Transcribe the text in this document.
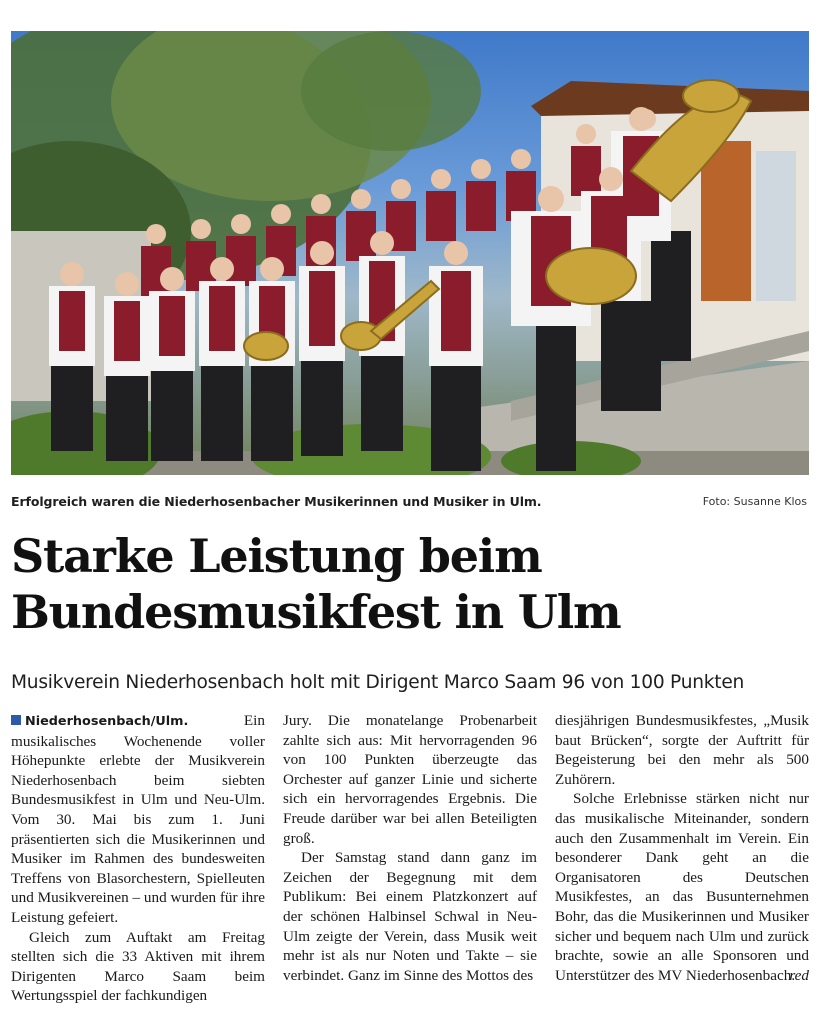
Erfolgreich waren die Niederhosenbacher Musikerinnen und Musiker in Ulm.	Foto: Susanne Klos
Starke Leistung beim
Bundesmusikfest in Ulm

Musikverein Niederhosenbach holt mit Dirigent Marco Saam 96 von 100 Punkten

Niederhosenbach/Ulm.	Ein musikalisches Wochenende voller Höhepunkte erlebte der Musikverein Niederhosenbach beim siebten Bundesmusikfest in Ulm und Neu-Ulm. Vom 30. Mai bis zum 1. Juni präsentierten sich die Musikerinnen und Musiker im Rahmen des bundesweiten Treffens von Blasorchestern, Spielleuten und Musikvereinen – und wurden für ihre Leistung gefeiert.

Gleich zum Auftakt am Freitag stellten sich die 33 Aktiven mit ihrem Dirigenten Marco Saam beim Wertungsspiel der fachkundigen

Jury. Die monatelange Probenarbeit zahlte sich aus: Mit hervorragenden 96 von 100 Punkten überzeugte das Orchester auf ganzer Linie und sicherte sich ein hervorragendes Ergebnis. Die Freude darüber war bei allen Beteiligten groß.

Der Samstag stand dann ganz im Zeichen der Begegnung mit dem Publikum: Bei einem Platzkonzert auf der schönen Halbinsel Schwal in Neu-Ulm zeigte der Verein, dass Musik weit mehr ist als nur Noten und Takte – sie verbindet. Ganz im Sinne des Mottos des

diesjährigen Bundesmusikfestes, „Musik baut Brücken“, sorgte der Auftritt für Begeisterung bei den mehr als 500 Zuhörern.

Solche Erlebnisse stärken nicht nur das musikalische Miteinander, sondern auch den Zusammenhalt im Verein. Ein besonderer Dank geht an die Organisatoren des Deutschen Musikfestes, an das Busunternehmen Bohr, das die Musikerinnen und Musiker sicher und bequem nach Ulm und zurück brachte, sowie an alle Sponsoren und Unterstützer des MV Niederhosenbach.

red
